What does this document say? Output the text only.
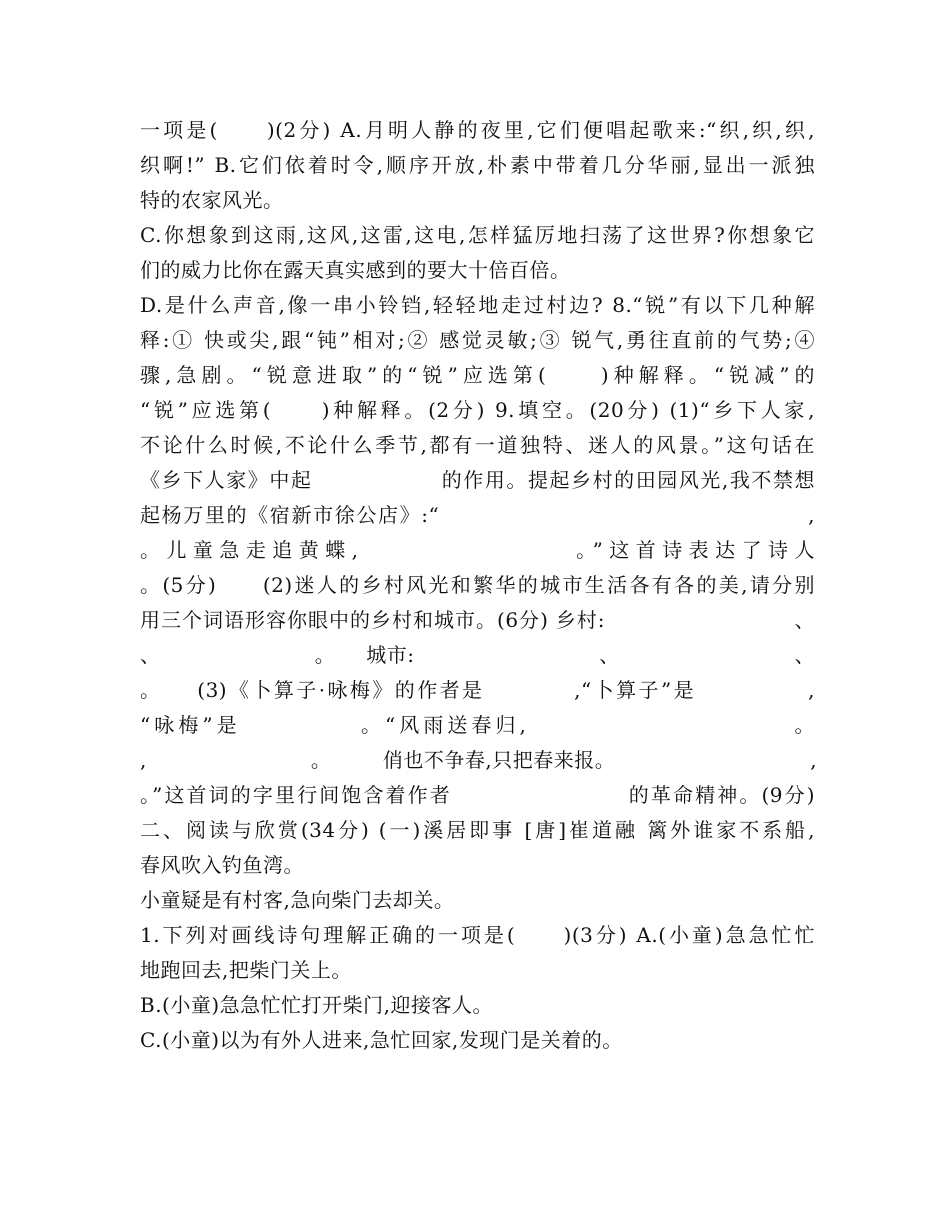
一项是(　　)(2分) A.月明人静的夜里,它们便唱起歌来:“织,织,织,
织啊!” B.它们依着时令,顺序开放,朴素中带着几分华丽,显出一派独
特的农家风光。
C.你想象到这雨,这风,这雷,这电,怎样猛厉地扫荡了这世界?你想象它
们的威力比你在露天真实感到的要大十倍百倍。
D.是什么声音,像一串小铃铛,轻轻地走过村边? 8.“锐”有以下几种解
释:① 快或尖,跟“钝”相对;② 感觉灵敏;③ 锐气,勇往直前的气势;④
骤,急剧。“锐意进取”的“锐”应选第(　　)种解释。“锐减”的
“锐”应选第(　　)种解释。(2分) 9.填空。(20分) (1)“乡下人家,
不论什么时候,不论什么季节,都有一道独特、迷人的风景。”这句话在
《乡下人家》中起　　　　　　的作用。提起乡村的田园风光,我不禁想
起杨万里的《宿新市徐公店》:“　　　　　　　　　　　　　　　　　,
。儿童急走追黄蝶,　　　　　　　　。”这首诗表达了诗人
。(5分)　　(2)迷人的乡村风光和繁华的城市生活各有各的美,请分别
用三个词语形容你眼中的乡村和城市。(6分) 乡村:　　　　　　　　　、
、　　　　　　　　。　　城市:　　　　　　　　　、　　　　　　　　　、
。　　(3)《卜算子·咏梅》的作者是　　　　,“卜算子”是　　　　　,
“咏梅”是　　　　　。“风雨送春归,　　　　　　　　　　　。
,　　　　　　　　。　　　俏也不争春,只把春来报。　　　　　　　　　　,
。”这首词的字里行间饱含着作者　　　　　　　　的革命精神。(9分)
二、阅读与欣赏(34分) (一)溪居即事 [唐]崔道融 篱外谁家不系船,
春风吹入钓鱼湾。
小童疑是有村客,急向柴门去却关。
1.下列对画线诗句理解正确的一项是(　　)(3分) A.(小童)急急忙忙
地跑回去,把柴门关上。
B.(小童)急急忙忙打开柴门,迎接客人。
C.(小童)以为有外人进来,急忙回家,发现门是关着的。
